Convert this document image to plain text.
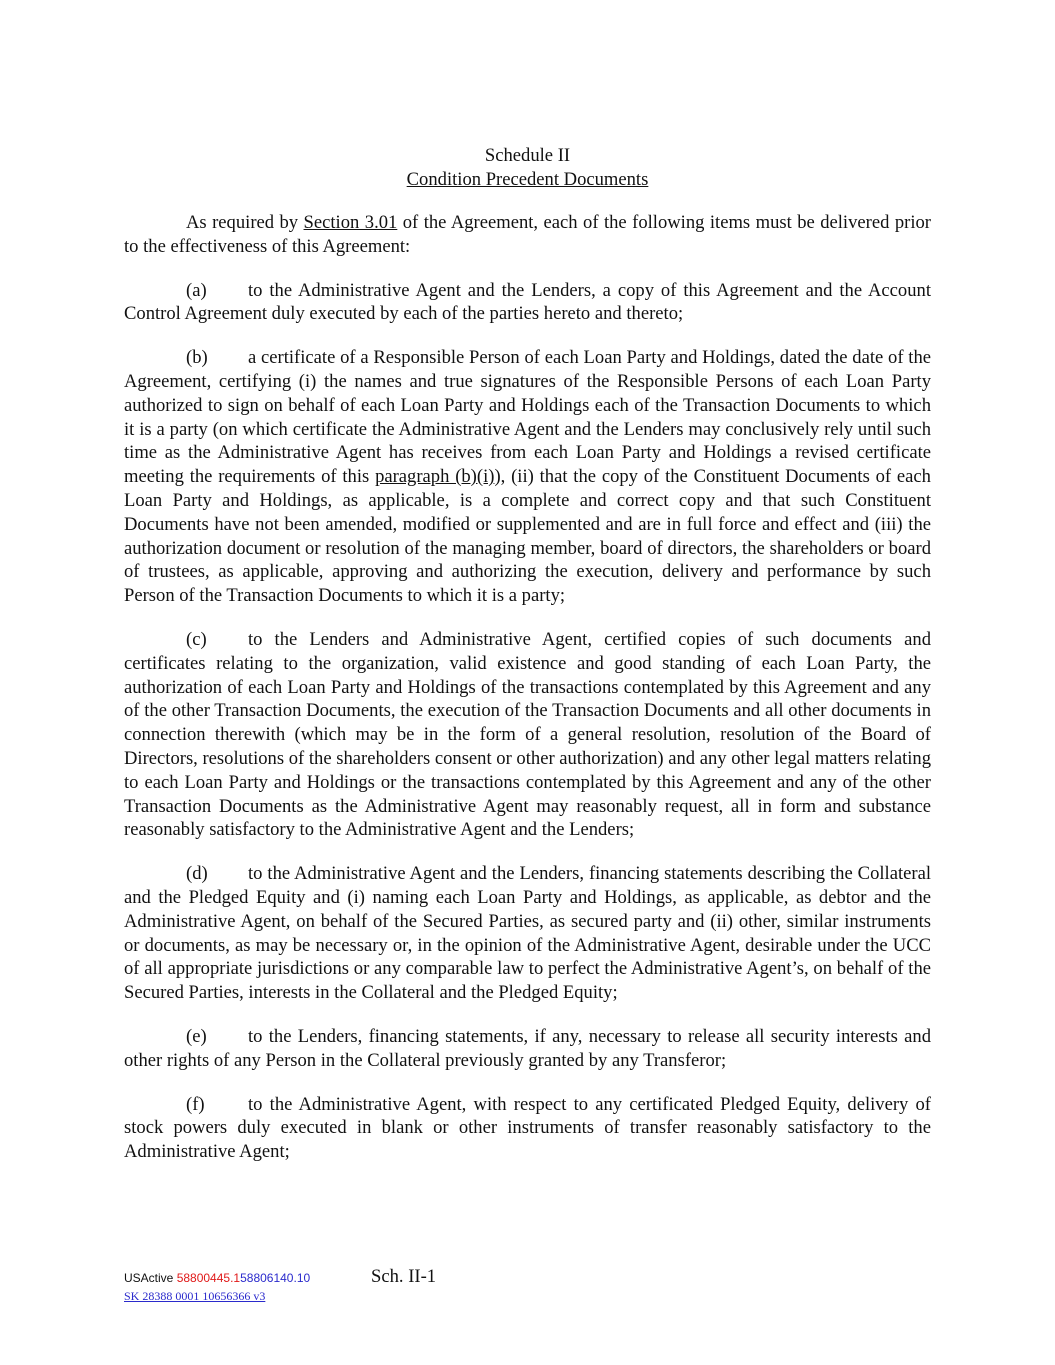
Schedule II

Condition Precedent Documents

As required by Section 3.01 of the Agreement, each of the following items must be delivered prior to the effectiveness of this Agreement:

(a) to the Administrative Agent and the Lenders, a copy of this Agreement and the Account Control Agreement duly executed by each of the parties hereto and thereto;

(b) a certificate of a Responsible Person of each Loan Party and Holdings, dated the date of the Agreement, certifying (i) the names and true signatures of the Responsible Persons of each Loan Party authorized to sign on behalf of each Loan Party and Holdings each of the Transaction Documents to which it is a party (on which certificate the Administrative Agent and the Lenders may conclusively rely until such time as the Administrative Agent has receives from each Loan Party and Holdings a revised certificate meeting the requirements of this paragraph (b)(i)), (ii) that the copy of the Constituent Documents of each Loan Party and Holdings, as applicable, is a complete and correct copy and that such Constituent Documents have not been amended, modified or supplemented and are in full force and effect and (iii) the authorization document or resolution of the managing member, board of directors, the shareholders or board of trustees, as applicable, approving and authorizing the execution, delivery and performance by such Person of the Transaction Documents to which it is a party;

(c) to the Lenders and Administrative Agent, certified copies of such documents and certificates relating to the organization, valid existence and good standing of each Loan Party, the authorization of each Loan Party and Holdings of the transactions contemplated by this Agreement and any of the other Transaction Documents, the execution of the Transaction Documents and all other documents in connection therewith (which may be in the form of a general resolution, resolution of the Board of Directors, resolutions of the shareholders consent or other authorization) and any other legal matters relating to each Loan Party and Holdings or the transactions contemplated by this Agreement and any of the other Transaction Documents as the Administrative Agent may reasonably request, all in form and substance reasonably satisfactory to the Administrative Agent and the Lenders;

(d) to the Administrative Agent and the Lenders, financing statements describing the Collateral and the Pledged Equity and (i) naming each Loan Party and Holdings, as applicable, as debtor and the Administrative Agent, on behalf of the Secured Parties, as secured party and (ii) other, similar instruments or documents, as may be necessary or, in the opinion of the Administrative Agent, desirable under the UCC of all appropriate jurisdictions or any comparable law to perfect the Administrative Agent’s, on behalf of the Secured Parties, interests in the Collateral and the Pledged Equity;

(e) to the Lenders, financing statements, if any, necessary to release all security interests and other rights of any Person in the Collateral previously granted by any Transferor;

(f) to the Administrative Agent, with respect to any certificated Pledged Equity, delivery of stock powers duly executed in blank or other instruments of transfer reasonably satisfactory to the Administrative Agent;

USActive 58800445.158806140.10	Sch. II-1
SK 28388 0001 10656366 v3
